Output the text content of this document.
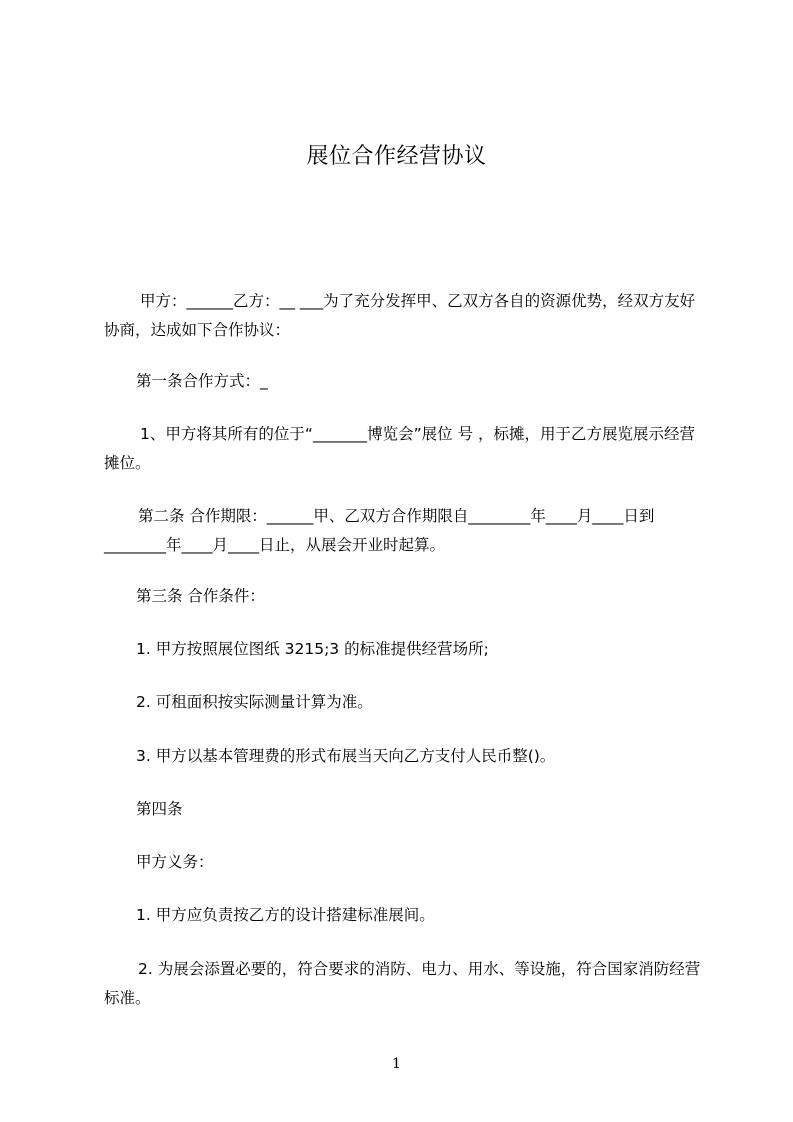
展位合作经营协议
甲方：______乙方：__ ___为了充分发挥甲、乙双方各自的资源优势，经双方友好协商，达成如下合作协议：
第一条合作方式：_
1、甲方将其所有的位于“_______博览会”展位 号 ，标摊，用于乙方展览展示经营摊位。
第二条 合作期限：______甲、乙双方合作期限自________年____月____日到________年____月____日止，从展会开业时起算。
第三条 合作条件：
1. 甲方按照展位图纸 3215;3 的标准提供经营场所;
2. 可租面积按实际测量计算为准。
3. 甲方以基本管理费的形式布展当天向乙方支付人民币整()。
第四条
甲方义务：
1. 甲方应负责按乙方的设计搭建标准展间。
2. 为展会添置必要的，符合要求的消防、电力、用水、等设施，符合国家消防经营标准。
1
